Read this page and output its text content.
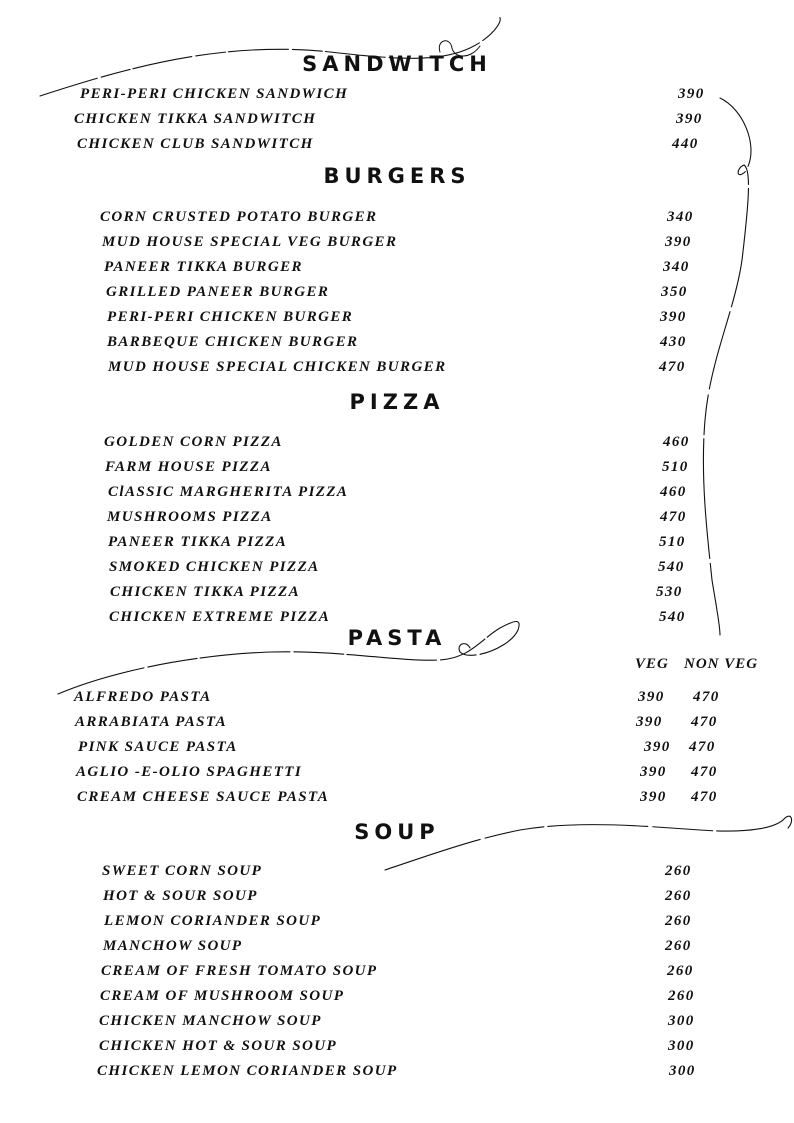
SANDWITCH
PERI-PERI CHICKEN SANDWICH	390
CHICKEN TIKKA SANDWITCH	390
CHICKEN CLUB SANDWITCH	440
BURGERS
CORN CRUSTED POTATO BURGER	340
MUD HOUSE SPECIAL VEG BURGER	390
PANEER TIKKA BURGER	340
GRILLED PANEER BURGER	350
PERI-PERI CHICKEN BURGER	390
BARBEQUE CHICKEN BURGER	430
MUD HOUSE SPECIAL CHICKEN BURGER	470
PIZZA
GOLDEN CORN PIZZA	460
FARM HOUSE PIZZA	510
ClASSIC MARGHERITA PIZZA	460
MUSHROOMS PIZZA	470
PANEER TIKKA PIZZA	510
SMOKED CHICKEN PIZZA	540
CHICKEN TIKKA PIZZA	530
CHICKEN EXTREME PIZZA	540
PASTA
VEG NON VEG
ALFREDO PASTA	390 470
ARRABIATA PASTA	390 470
PINK SAUCE PASTA	390 470
AGLIO -E-OLIO SPAGHETTI	390 470
CREAM CHEESE SAUCE PASTA	390 470
SOUP
SWEET CORN SOUP	260
HOT & SOUR SOUP	260
LEMON CORIANDER SOUP	260
MANCHOW SOUP	260
CREAM OF FRESH TOMATO SOUP	260
CREAM OF MUSHROOM SOUP	260
CHICKEN MANCHOW SOUP	300
CHICKEN HOT & SOUR SOUP	300
CHICKEN LEMON CORIANDER SOUP	300
